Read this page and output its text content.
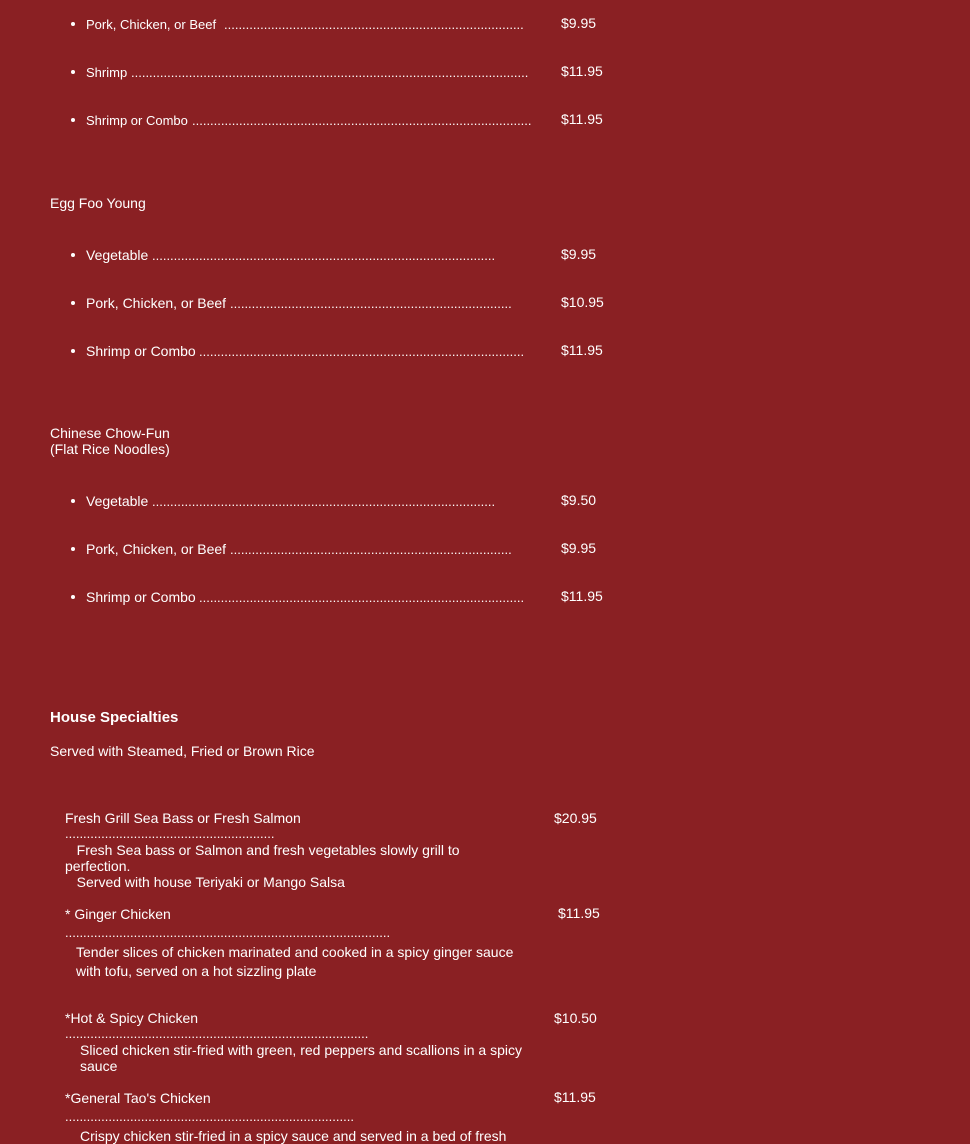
Pork, Chicken, or Beef ...................................................................................	$9.95
Shrimp .............................................................................................................. $11.95
Shrimp or Combo .............................................................................................. $11.95
Egg Foo Young
Vegetable ...............................................................................................	$9.95
Pork, Chicken, or Beef ..............................................................................	$10.95
Shrimp or Combo ..........................................................................................	$11.95
Chinese Chow-Fun
(Flat Rice Noodles)
Vegetable ...............................................................................................	$9.50
Pork, Chicken, or Beef ..............................................................................	$9.95
Shrimp or Combo ..........................................................................................	$11.95
House Specialties
Served with Steamed, Fried or Brown Rice
Fresh Grill Sea Bass or Fresh Salmon	$20.95
..........................................................
Fresh Sea bass or Salmon and fresh vegetables slowly grill to perfection.
Served with house Teriyaki or Mango Salsa
* Ginger Chicken	$11.95
..........................................................................................
Tender slices of chicken marinated and cooked in a spicy ginger sauce with tofu, served on a hot sizzling plate
*Hot & Spicy Chicken	$10.50
....................................................................................
Sliced chicken stir-fried with green, red peppers and scallions in a spicy sauce
*General Tao's Chicken	$11.95
................................................................................
Crispy chicken stir-fried in a spicy sauce and served in a bed of fresh
